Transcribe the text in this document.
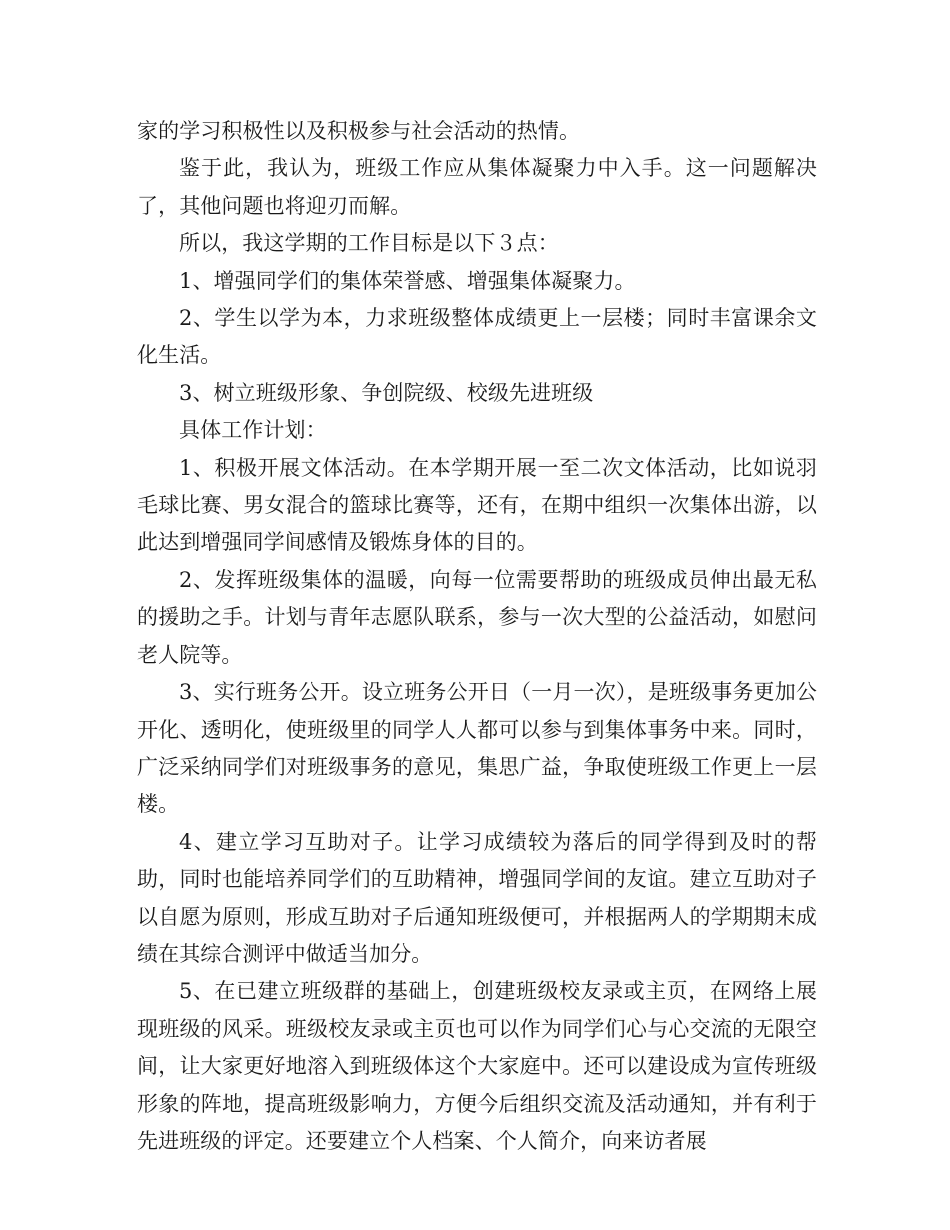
家的学习积极性以及积极参与社会活动的热情。

鉴于此，我认为，班级工作应从集体凝聚力中入手。这一问题解决了，其他问题也将迎刃而解。

所以，我这学期的工作目标是以下３点：

1、增强同学们的集体荣誉感、增强集体凝聚力。

2、学生以学为本，力求班级整体成绩更上一层楼；同时丰富课余文化生活。

3、树立班级形象、争创院级、校级先进班级

具体工作计划：

1、积极开展文体活动。在本学期开展一至二次文体活动，比如说羽毛球比赛、男女混合的篮球比赛等，还有，在期中组织一次集体出游，以此达到增强同学间感情及锻炼身体的目的。

2、发挥班级集体的温暖，向每一位需要帮助的班级成员伸出最无私的援助之手。计划与青年志愿队联系，参与一次大型的公益活动，如慰问老人院等。

3、实行班务公开。设立班务公开日（一月一次），是班级事务更加公开化、透明化，使班级里的同学人人都可以参与到集体事务中来。同时，广泛采纳同学们对班级事务的意见，集思广益，争取使班级工作更上一层楼。

4、建立学习互助对子。让学习成绩较为落后的同学得到及时的帮助，同时也能培养同学们的互助精神，增强同学间的友谊。建立互助对子以自愿为原则，形成互助对子后通知班级便可，并根据两人的学期期末成绩在其综合测评中做适当加分。

5、在已建立班级群的基础上，创建班级校友录或主页，在网络上展现班级的风采。班级校友录或主页也可以作为同学们心与心交流的无限空间，让大家更好地溶入到班级体这个大家庭中。还可以建设成为宣传班级形象的阵地，提高班级影响力，方便今后组织交流及活动通知，并有利于先进班级的评定。还要建立个人档案、个人简介，向来访者展
